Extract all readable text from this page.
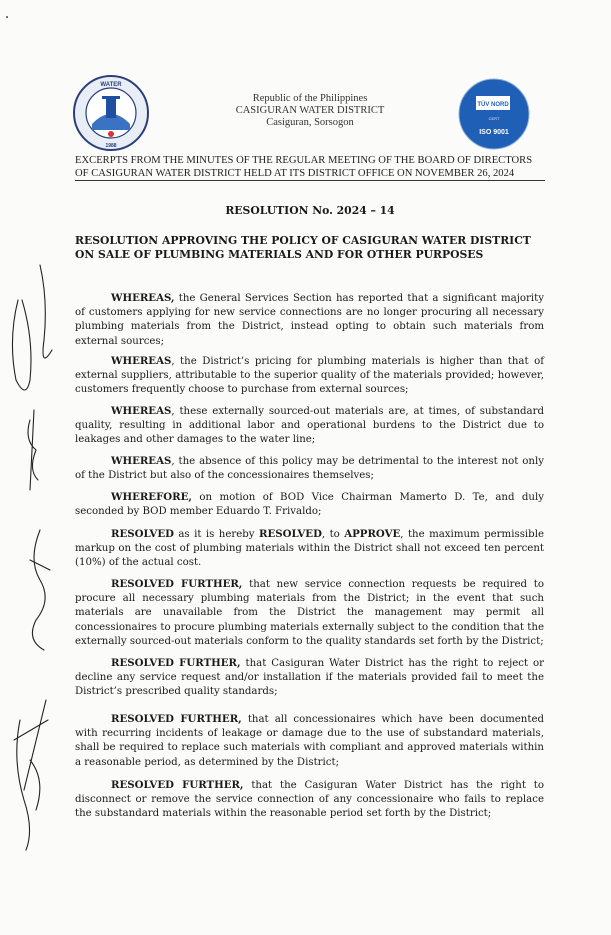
WATER
1988
Republic of the Philippines
CASIGURAN WATER DISTRICT
Casiguran, Sorsogon
TÜV NORD
CERT
ISO 9001
EXCERPTS FROM THE MINUTES OF THE REGULAR MEETING OF THE BOARD OF DIRECTORS OF CASIGURAN WATER DISTRICT HELD AT ITS DISTRICT OFFICE ON NOVEMBER 26, 2024
RESOLUTION No. 2024 – 14
RESOLUTION APPROVING THE POLICY OF CASIGURAN WATER DISTRICT ON SALE OF PLUMBING MATERIALS AND FOR OTHER PURPOSES
WHEREAS, the General Services Section has reported that a significant majority of customers applying for new service connections are no longer procuring all necessary plumbing materials from the District, instead opting to obtain such materials from external sources;
WHEREAS, the District’s pricing for plumbing materials is higher than that of external suppliers, attributable to the superior quality of the materials provided; however, customers frequently choose to purchase from external sources;
WHEREAS, these externally sourced-out materials are, at times, of substandard quality, resulting in additional labor and operational burdens to the District due to leakages and other damages to the water line;
WHEREAS, the absence of this policy may be detrimental to the interest not only of the District but also of the concessionaires themselves;
WHEREFORE, on motion of BOD Vice Chairman Mamerto D. Te, and duly seconded by BOD member Eduardo T. Frivaldo;
RESOLVED as it is hereby RESOLVED, to APPROVE, the maximum permissible markup on the cost of plumbing materials within the District shall not exceed ten percent (10%) of the actual cost.
RESOLVED FURTHER, that new service connection requests be required to procure all necessary plumbing materials from the District; in the event that such materials are unavailable from the District the management may permit all concessionaires to procure plumbing materials externally subject to the condition that the externally sourced-out materials conform to the quality standards set forth by the District;
RESOLVED FURTHER, that Casiguran Water District has the right to reject or decline any service request and/or installation if the materials provided fail to meet the District’s prescribed quality standards;
RESOLVED FURTHER, that all concessionaires which have been documented with recurring incidents of leakage or damage due to the use of substandard materials, shall be required to replace such materials with compliant and approved materials within a reasonable period, as determined by the District;
RESOLVED FURTHER, that the Casiguran Water District has the right to disconnect or remove the service connection of any concessionaire who fails to replace the substandard materials within the reasonable period set forth by the District;
•
